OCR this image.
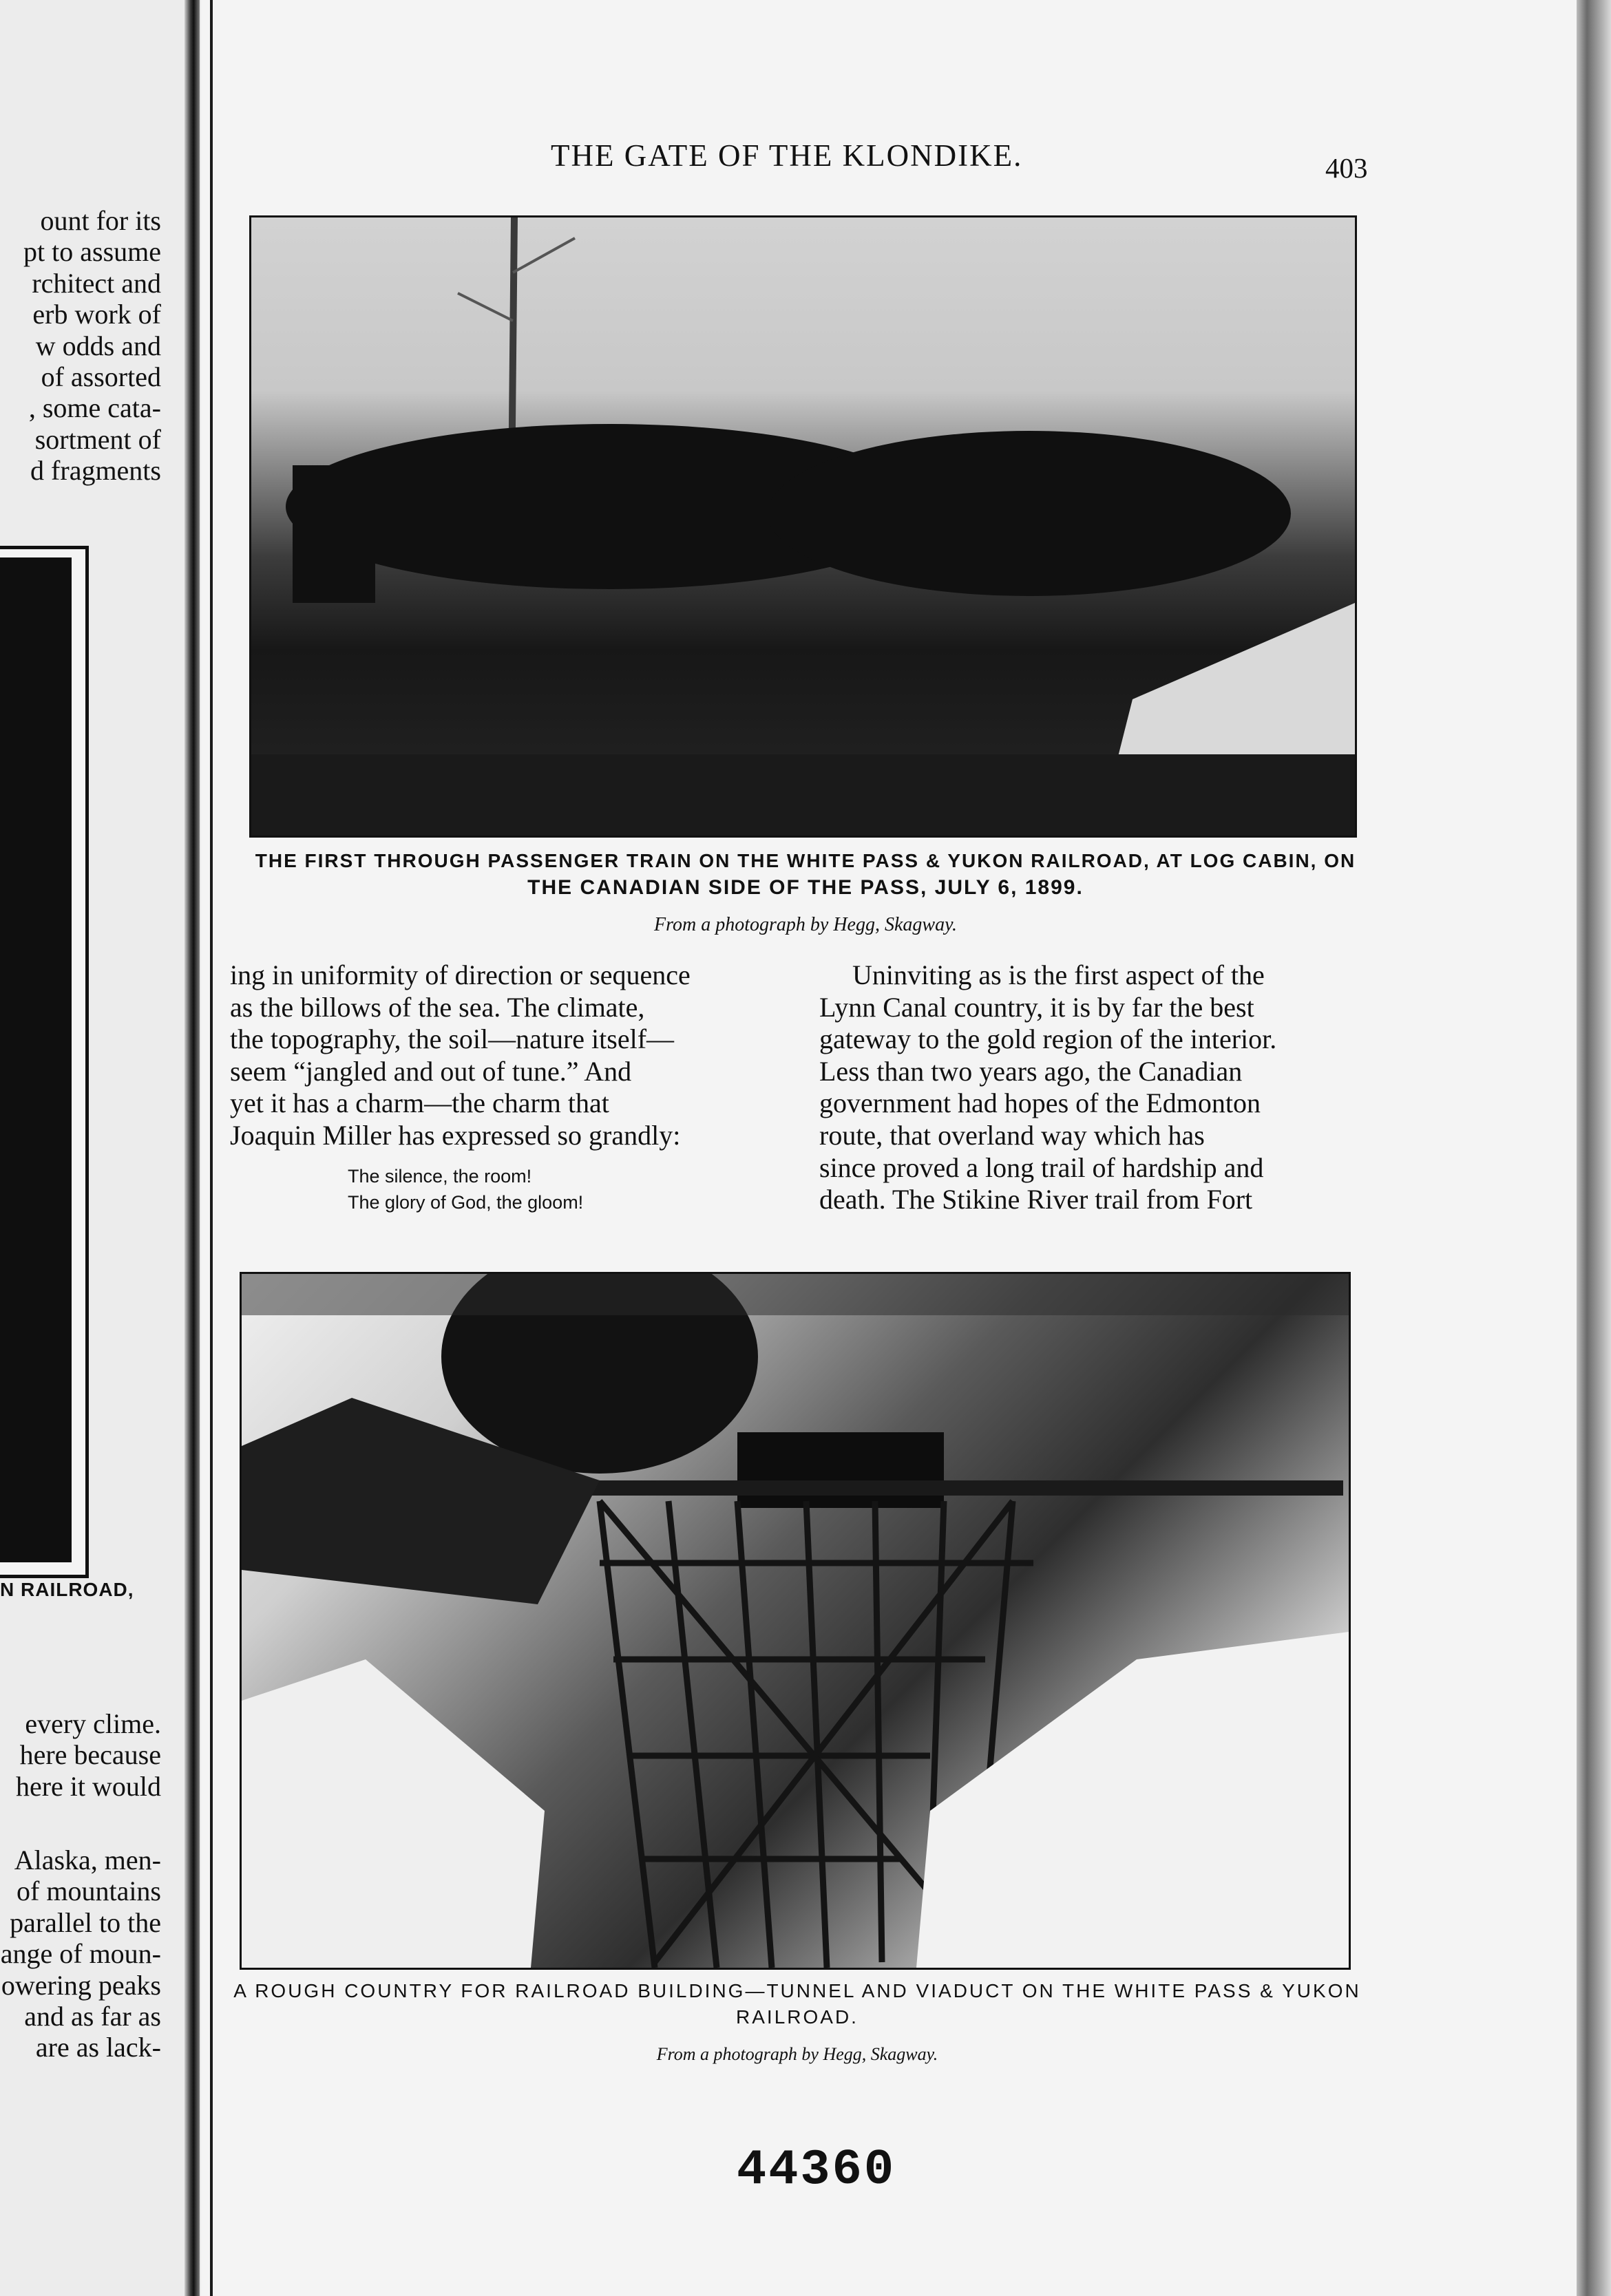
ount for its
pt to assume
rchitect and
erb work of
w odds and
of assorted
, some cata-
sortment of
d fragments
N RAILROAD,
every clime.
here because
here it would
Alaska, men-
of mountains
parallel to the
ange of moun-
owering peaks
and as far as
are as lack-
THE GATE OF THE KLONDIKE.	403
THE FIRST THROUGH PASSENGER TRAIN ON THE WHITE PASS & YUKON RAILROAD, AT LOG CABIN, ON
THE CANADIAN SIDE OF THE PASS, JULY 6, 1899.
From a photograph by Hegg, Skagway.

ing in uniformity of direction or sequence

as the billows of the sea. The climate,

the topography, the soil—nature itself—

seem “jangled and out of tune.” And

yet it has a charm—the charm that

Joaquin Miller has expressed so grandly:

The silence, the room!
The glory of God, the gloom!

Uninviting as is the first aspect of the

Lynn Canal country, it is by far the best

gateway to the gold region of the interior.

Less than two years ago, the Canadian

government had hopes of the Edmonton

route, that overland way which has

since proved a long trail of hardship and

death. The Stikine River trail from Fort

A ROUGH COUNTRY FOR RAILROAD BUILDING—TUNNEL AND VIADUCT ON THE WHITE PASS & YUKON
RAILROAD.
From a photograph by Hegg, Skagway.
44360
